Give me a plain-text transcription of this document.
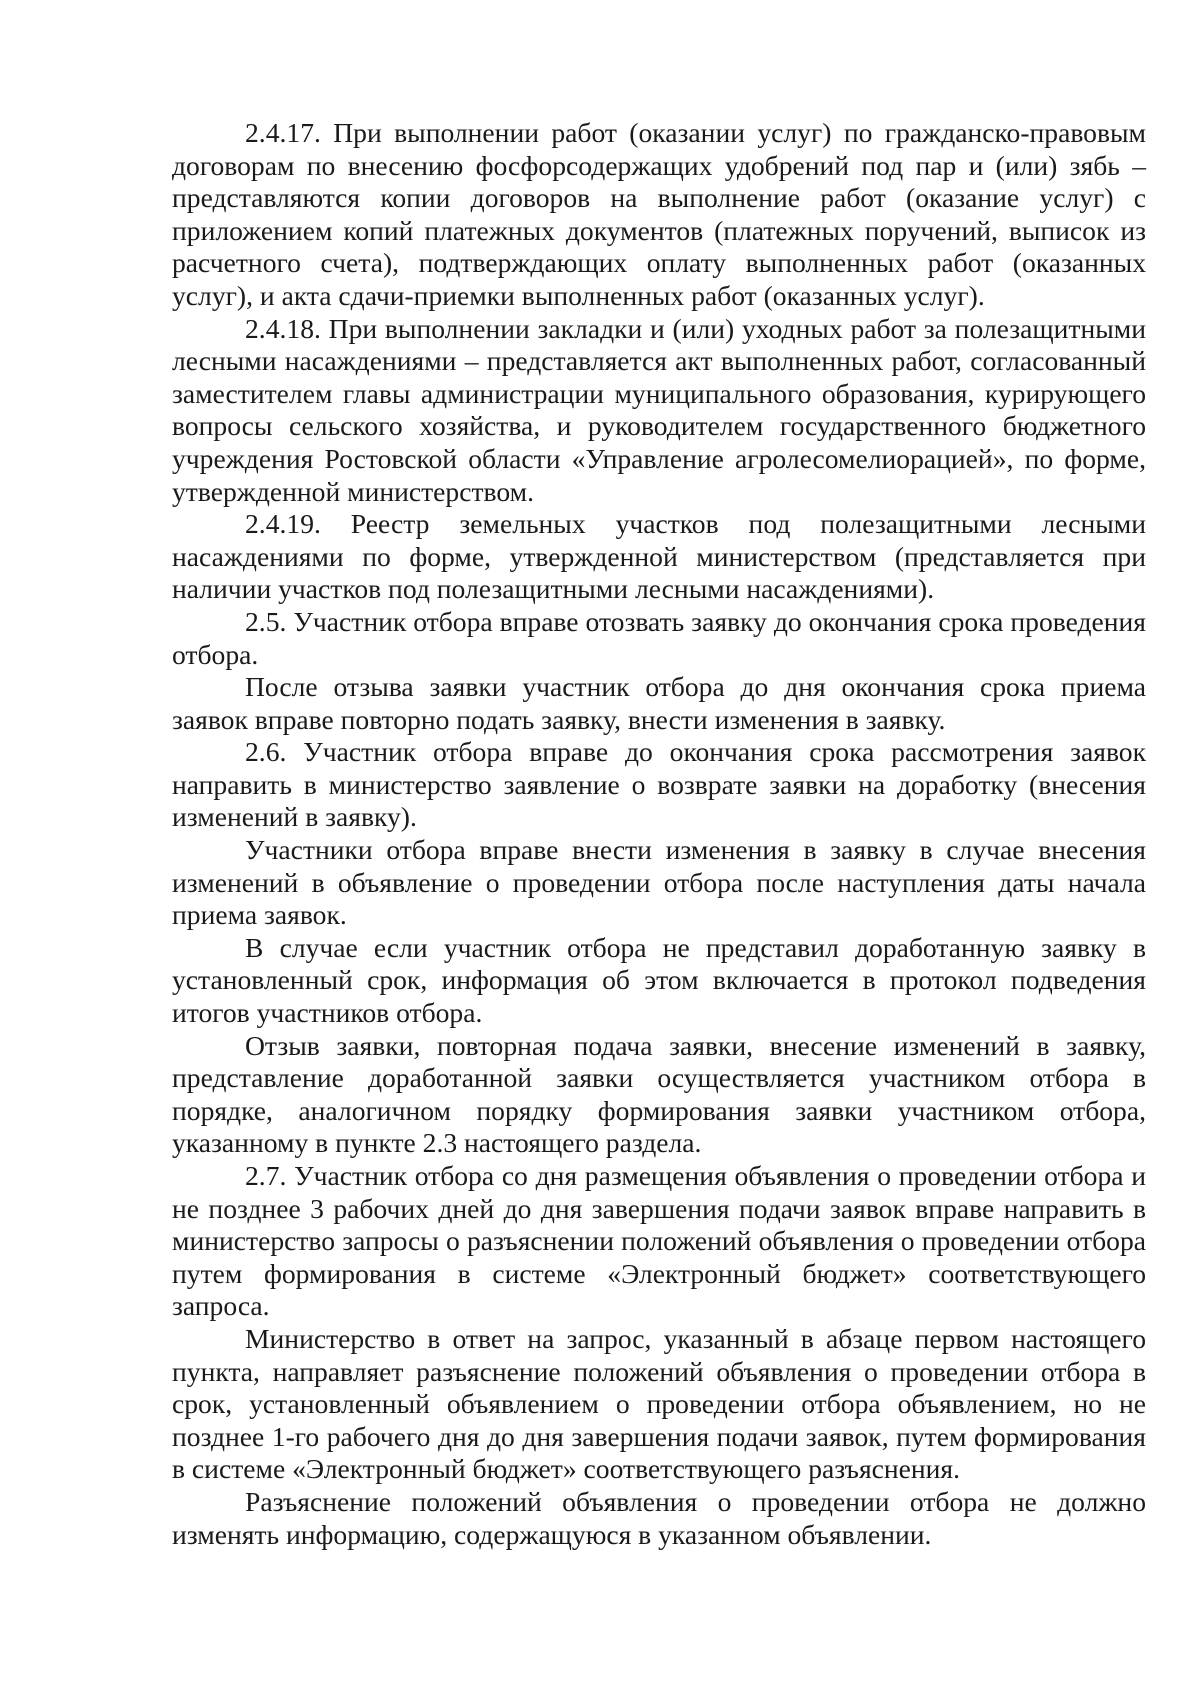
2.4.17. При выполнении работ (оказании услуг) по гражданско-правовым договорам по внесению фосфорсодержащих удобрений под пар и (или) зябь – представляются копии договоров на выполнение работ (оказание услуг) с приложением копий платежных документов (платежных поручений, выписок из расчетного счета), подтверждающих оплату выполненных работ (оказанных услуг), и акта сдачи-приемки выполненных работ (оказанных услуг).

2.4.18. При выполнении закладки и (или) уходных работ за полезащитными лесными насаждениями – представляется акт выполненных работ, согласованный заместителем главы администрации муниципального образования, курирующего вопросы сельского хозяйства, и руководителем государственного бюджетного учреждения Ростовской области «Управление агролесомелиорацией», по форме, утвержденной министерством.

2.4.19. Реестр земельных участков под полезащитными лесными насаждениями по форме, утвержденной министерством (представляется при наличии участков под полезащитными лесными насаждениями).

2.5. Участник отбора вправе отозвать заявку до окончания срока проведения отбора.

После отзыва заявки участник отбора до дня окончания срока приема заявок вправе повторно подать заявку, внести изменения в заявку.

2.6. Участник отбора вправе до окончания срока рассмотрения заявок направить в министерство заявление о возврате заявки на доработку (внесения изменений в заявку).

Участники отбора вправе внести изменения в заявку в случае внесения изменений в объявление о проведении отбора после наступления даты начала приема заявок.

В случае если участник отбора не представил доработанную заявку в установленный срок, информация об этом включается в протокол подведения итогов участников отбора.

Отзыв заявки, повторная подача заявки, внесение изменений в заявку, представление доработанной заявки осуществляется участником отбора в порядке, аналогичном порядку формирования заявки участником отбора, указанному в пункте 2.3 настоящего раздела.

2.7. Участник отбора со дня размещения объявления о проведении отбора и не позднее 3 рабочих дней до дня завершения подачи заявок вправе направить в министерство запросы о разъяснении положений объявления о проведении отбора путем формирования в системе «Электронный бюджет» соответствующего запроса.

Министерство в ответ на запрос, указанный в абзаце первом настоящего пункта, направляет разъяснение положений объявления о проведении отбора в срок, установленный объявлением о проведении отбора объявлением, но не позднее 1-го рабочего дня до дня завершения подачи заявок, путем формирования в системе «Электронный бюджет» соответствующего разъяснения.

Разъяснение положений объявления о проведении отбора не должно изменять информацию, содержащуюся в указанном объявлении.
